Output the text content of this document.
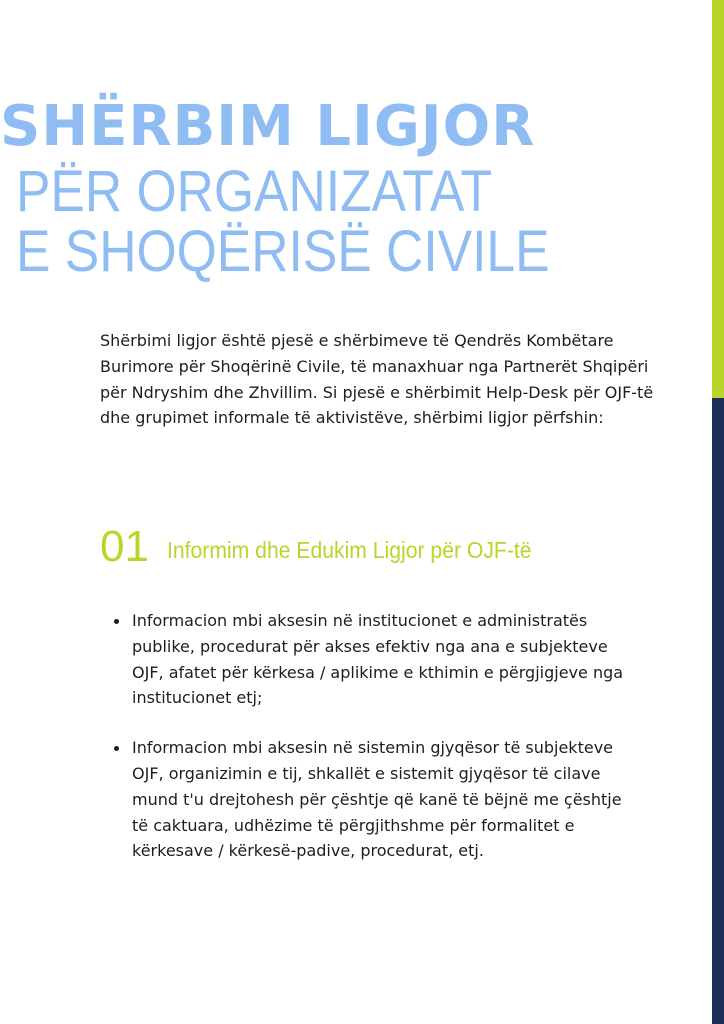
SHËRBIM LIGJOR
PËR ORGANIZATAT
E SHOQËRISË CIVILE

Shërbimi ligjor është pjesë e shërbimeve të Qendrës Kombëtare Burimore për Shoqërinë Civile, të manaxhuar nga Partnerët Shqipëri për Ndryshim dhe Zhvillim. Si pjesë e shërbimit Help-Desk për OJF-të dhe grupimet informale të aktivistëve, shërbimi ligjor përfshin:

01 Informim dhe Edukim Ligjor për OJF-të
Informacion mbi aksesin në institucionet e administratës publike, procedurat për akses efektiv nga ana e subjekteve OJF, afatet për kërkesa / aplikime e kthimin e përgjigjeve nga institucionet etj;
Informacion mbi aksesin në sistemin gjyqësor të subjekteve OJF, organizimin e tij, shkallët e sistemit gjyqësor të cilave mund t'u drejtohesh për çështje që kanë të bëjnë me çështje të caktuara, udhëzime të përgjithshme për formalitet e kërkesave / kërkesë-padive, procedurat, etj.
